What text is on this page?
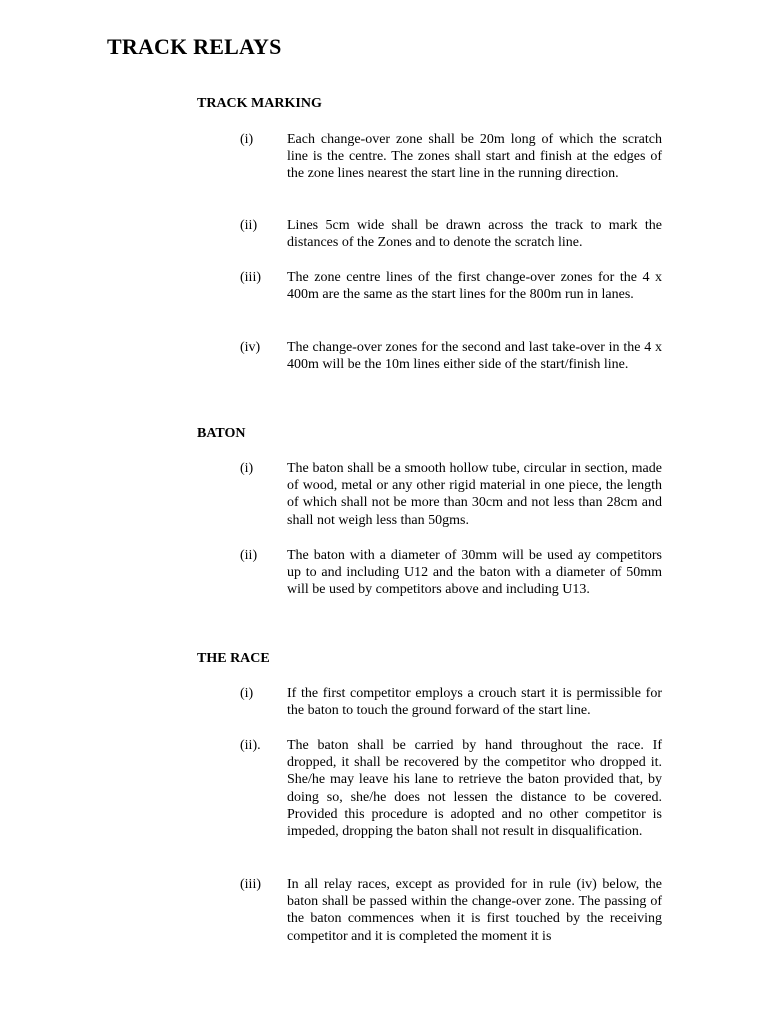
TRACK RELAYS
TRACK MARKING
(i) Each change-over zone shall be 20m long of which the scratch line is the centre. The zones shall start and finish at the edges of the zone lines nearest the start line in the running direction.

(ii) Lines 5cm wide shall be drawn across the track to mark the distances of the Zones and to denote the scratch line.

(iii) The zone centre lines of the first change-over zones for the 4 x 400m are the same as the start lines for the 800m run in lanes.

(iv) The change-over zones for the second and last take-over in the 4 x 400m will be the 10m lines either side of the start/finish line.

BATON
(i) The baton shall be a smooth hollow tube, circular in section, made of wood, metal or any other rigid material in one piece, the length of which shall not be more than 30cm and not less than 28cm and shall not weigh less than 50gms.

(ii) The baton with a diameter of 30mm will be used ay competitors up to and including U12 and the baton with a diameter of 50mm will be used by competitors above and including U13.

THE RACE
(i) If the first competitor employs a crouch start it is permissible for the baton to touch the ground forward of the start line.

(ii). The baton shall be carried by hand throughout the race. If dropped, it shall be recovered by the competitor who dropped it. She/he may leave his lane to retrieve the baton provided that, by doing so, she/he does not lessen the distance to be covered. Provided this procedure is adopted and no other competitor is impeded, dropping the baton shall not result in disqualification.

(iii) In all relay races, except as provided for in rule (iv) below, the baton shall be passed within the change-over zone. The passing of the baton commences when it is first touched by the receiving competitor and it is completed the moment it is
